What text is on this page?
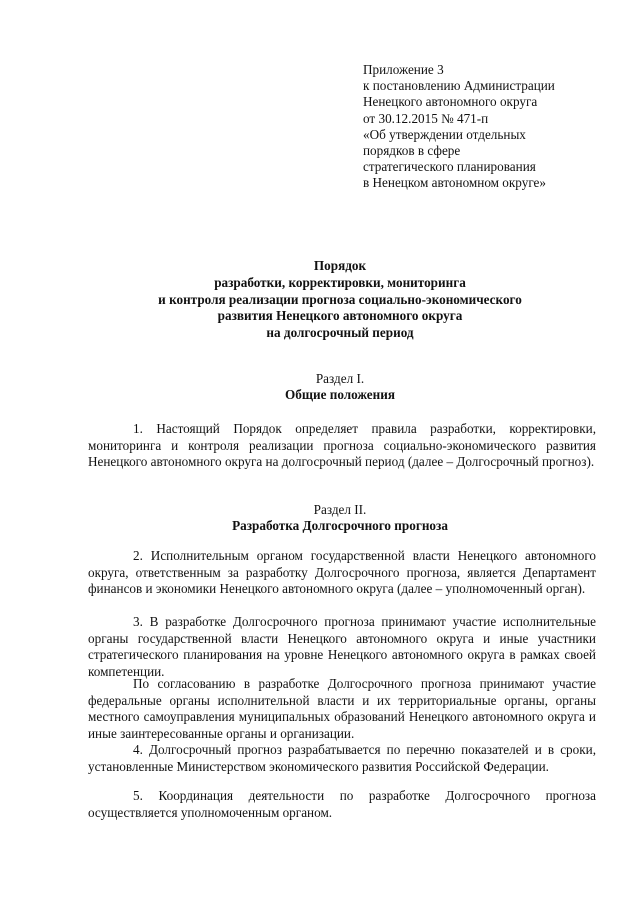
Приложение 3
к постановлению Администрации
Ненецкого автономного округа
от 30.12.2015 № 471-п
«Об утверждении отдельных
порядков в сфере
стратегического планирования
в Ненецком автономном округе»
Порядок
разработки, корректировки, мониторинга
и контроля реализации прогноза социально-экономического
развития Ненецкого автономного округа
на долгосрочный период
Раздел I.
Общие положения

1. Настоящий Порядок определяет правила разработки, корректировки, мониторинга и контроля реализации прогноза социально-экономического развития Ненецкого автономного округа на долгосрочный период (далее – Долгосрочный прогноз).

Раздел II.
Разработка Долгосрочного прогноза

2. Исполнительным органом государственной власти Ненецкого автономного округа, ответственным за разработку Долгосрочного прогноза, является Департамент финансов и экономики Ненецкого автономного округа (далее – уполномоченный орган).

3. В разработке Долгосрочного прогноза принимают участие исполнительные органы государственной власти Ненецкого автономного округа и иные участники стратегического планирования на уровне Ненецкого автономного округа в рамках своей компетенции.

По согласованию в разработке Долгосрочного прогноза принимают участие федеральные органы исполнительной власти и их территориальные органы, органы местного самоуправления муниципальных образований Ненецкого автономного округа и иные заинтересованные органы и организации.

4. Долгосрочный прогноз разрабатывается по перечню показателей и в сроки, установленные Министерством экономического развития Российской Федерации.

5. Координация деятельности по разработке Долгосрочного прогноза осуществляется уполномоченным органом.
